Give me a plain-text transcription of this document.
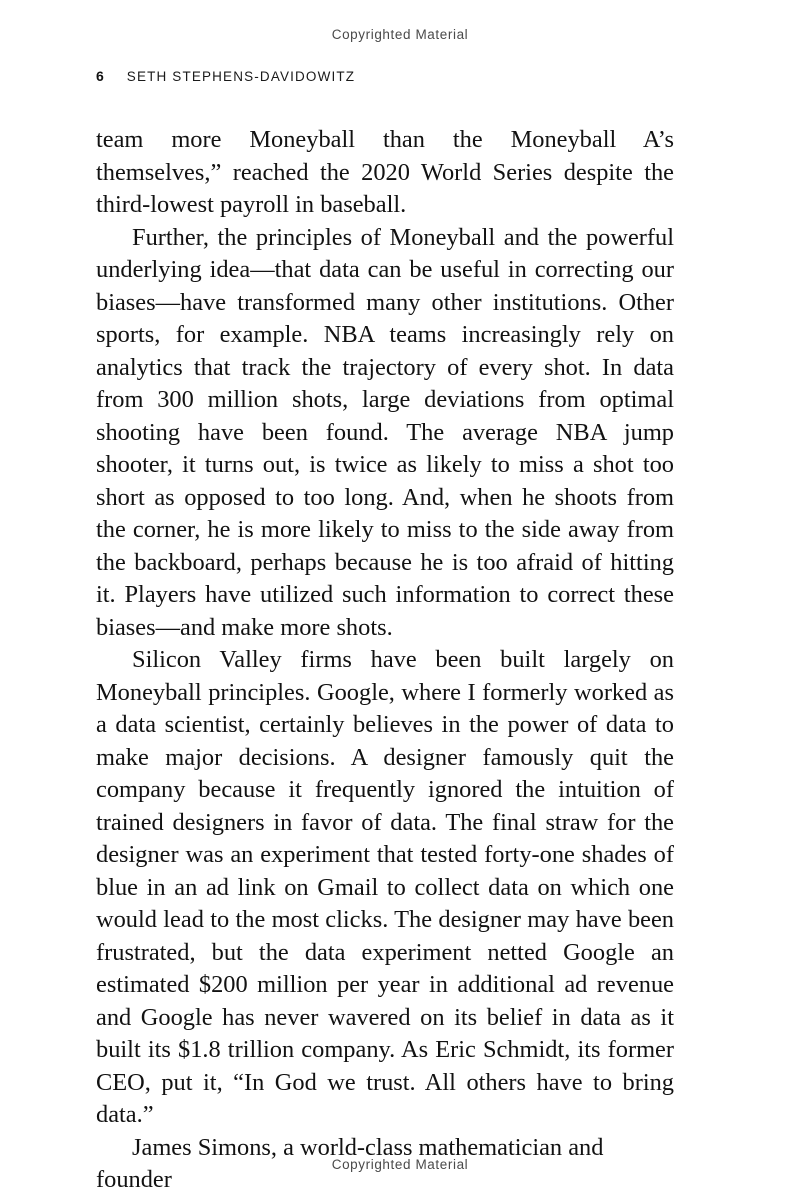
Copyrighted Material
6 SETH STEPHENS-DAVIDOWITZ

team more Moneyball than the Moneyball A’s themselves,” reached the 2020 World Series despite the third-lowest payroll in baseball.

Further, the principles of Moneyball and the powerful underlying idea—that data can be useful in correcting our biases—have transformed many other institutions. Other sports, for example. NBA teams increasingly rely on analytics that track the trajectory of every shot. In data from 300 million shots, large deviations from optimal shooting have been found. The average NBA jump shooter, it turns out, is twice as likely to miss a shot too short as opposed to too long. And, when he shoots from the corner, he is more likely to miss to the side away from the backboard, perhaps because he is too afraid of hitting it. Players have utilized such information to correct these biases—and make more shots.

Silicon Valley firms have been built largely on Moneyball principles. Google, where I formerly worked as a data scientist, certainly believes in the power of data to make major decisions. A designer famously quit the company because it frequently ignored the intuition of trained designers in favor of data. The final straw for the designer was an experiment that tested forty-one shades of blue in an ad link on Gmail to collect data on which one would lead to the most clicks. The designer may have been frustrated, but the data experiment netted Google an estimated $200 million per year in additional ad revenue and Google has never wavered on its belief in data as it built its $1.8 trillion company. As Eric Schmidt, its former CEO, put it, “In God we trust. All others have to bring data.”

James Simons, a world-class mathematician and founder

Copyrighted Material
